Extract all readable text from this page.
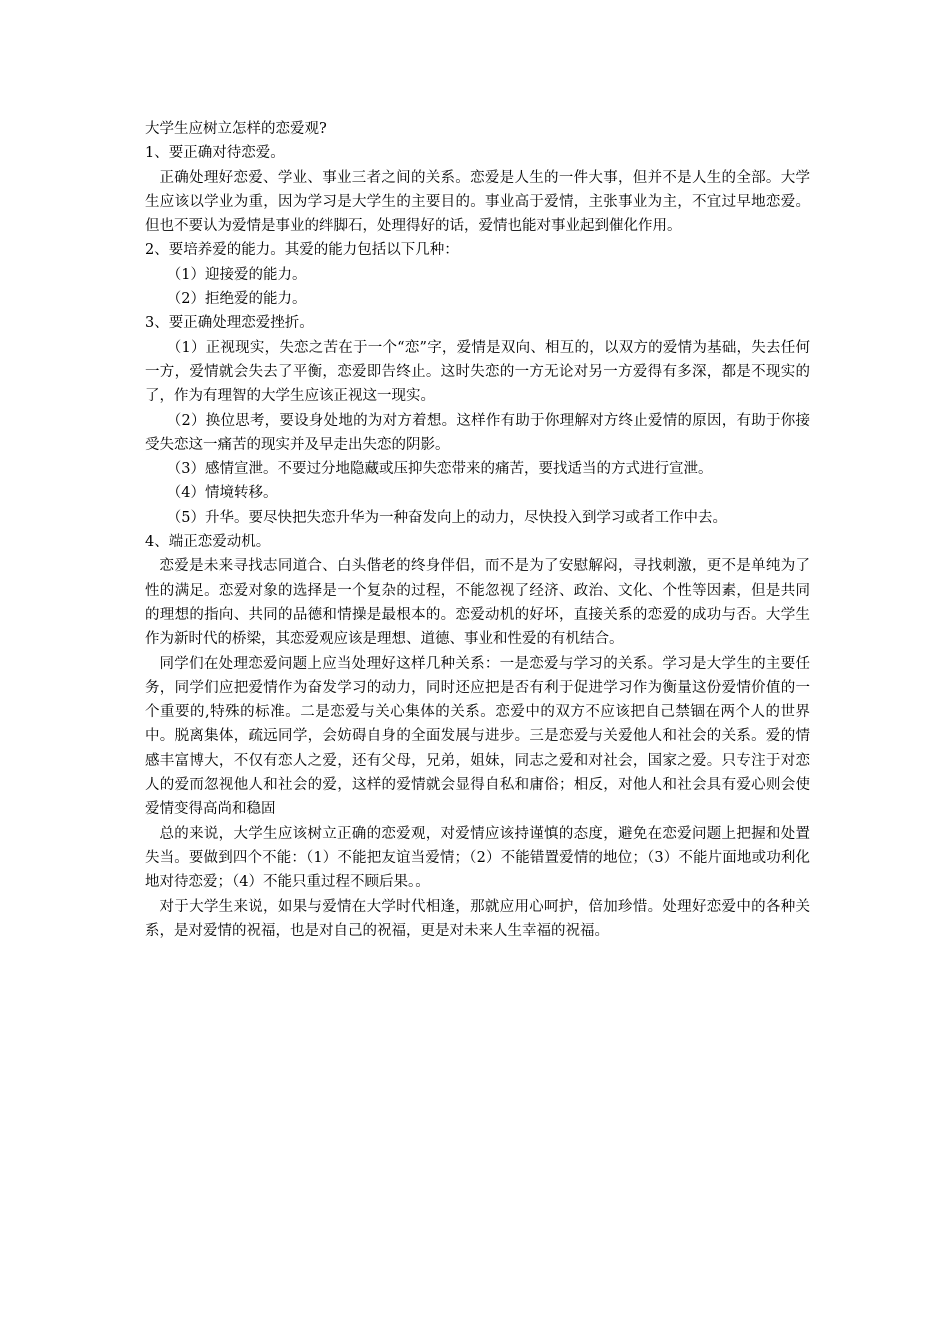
大学生应树立怎样的恋爱观?

1、要正确对待恋爱。

正确处理好恋爱、学业、事业三者之间的关系。恋爱是人生的一件大事，但并不是人生的全部。大学生应该以学业为重，因为学习是大学生的主要目的。事业高于爱情，主张事业为主，不宜过早地恋爱。但也不要认为爱情是事业的绊脚石，处理得好的话，爱情也能对事业起到催化作用。

2、要培养爱的能力。其爱的能力包括以下几种：

（1）迎接爱的能力。

（2）拒绝爱的能力。

3、要正确处理恋爱挫折。

（1）正视现实，失恋之苦在于一个“恋”字，爱情是双向、相互的，以双方的爱情为基础，失去任何一方，爱情就会失去了平衡，恋爱即告终止。这时失恋的一方无论对另一方爱得有多深，都是不现实的了，作为有理智的大学生应该正视这一现实。

（2）换位思考，要设身处地的为对方着想。这样作有助于你理解对方终止爱情的原因，有助于你接受失恋这一痛苦的现实并及早走出失恋的阴影。

（3）感情宣泄。不要过分地隐藏或压抑失恋带来的痛苦，要找适当的方式进行宣泄。

（4）情境转移。

（5）升华。要尽快把失恋升华为一种奋发向上的动力，尽快投入到学习或者工作中去。

4、端正恋爱动机。

恋爱是未来寻找志同道合、白头偕老的终身伴侣，而不是为了安慰解闷，寻找刺激，更不是单纯为了性的满足。恋爱对象的选择是一个复杂的过程，不能忽视了经济、政治、文化、个性等因素，但是共同的理想的指向、共同的品德和情操是最根本的。恋爱动机的好坏，直接关系的恋爱的成功与否。大学生作为新时代的桥梁，其恋爱观应该是理想、道德、事业和性爱的有机结合。

同学们在处理恋爱问题上应当处理好这样几种关系：一是恋爱与学习的关系。学习是大学生的主要任务，同学们应把爱情作为奋发学习的动力，同时还应把是否有利于促进学习作为衡量这份爱情价值的一个重要的,特殊的标准。二是恋爱与关心集体的关系。恋爱中的双方不应该把自己禁锢在两个人的世界中。脱离集体，疏远同学，会妨碍自身的全面发展与进步。三是恋爱与关爱他人和社会的关系。爱的情感丰富博大，不仅有恋人之爱，还有父母，兄弟，姐妹，同志之爱和对社会，国家之爱。只专注于对恋人的爱而忽视他人和社会的爱，这样的爱情就会显得自私和庸俗；相反，对他人和社会具有爱心则会使爱情变得高尚和稳固

总的来说，大学生应该树立正确的恋爱观，对爱情应该持谨慎的态度，避免在恋爱问题上把握和处置失当。要做到四个不能：（1）不能把友谊当爱情；（2）不能错置爱情的地位；（3）不能片面地或功利化地对待恋爱；（4）不能只重过程不顾后果。。

对于大学生来说，如果与爱情在大学时代相逢，那就应用心呵护，倍加珍惜。处理好恋爱中的各种关系，是对爱情的祝福，也是对自己的祝福，更是对未来人生幸福的祝福。
